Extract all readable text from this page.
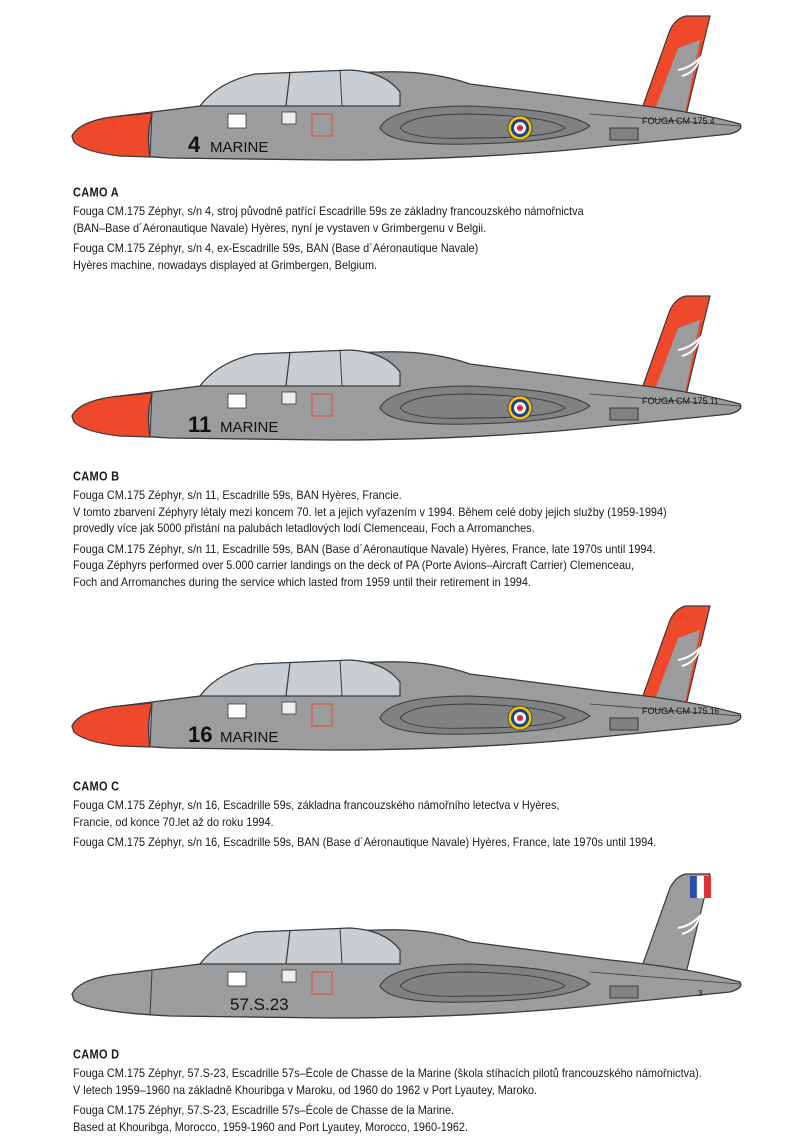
4 MARINE
FOUGA CM 175 4
CAMO A

Fouga CM.175 Zéphyr, s/n 4, stroj původně patřící Escadrille 59s ze základny francouzského námořnictva
(BAN–Base d´Aéronautique Navale) Hyères, nyní je vystaven v Grimbergenu v Belgii.

Fouga CM.175 Zéphyr, s/n 4, ex-Escadrille 59s, BAN (Base d´Aéronautique Navale)
Hyères machine, nowadays displayed at Grimbergen, Belgium.

11 MARINE
FOUGA CM 175 11
CAMO B

Fouga CM.175 Zéphyr, s/n 11, Escadrille 59s, BAN Hyères, Francie.
V tomto zbarvení Zéphyry létaly mezi koncem 70. let a jejich vyřazením v 1994. Během celé doby jejich služby (1959-1994)
provedly více jak 5000 přistání na palubách letadlových lodí Clemenceau, Foch a Arromanches.

Fouga CM.175 Zéphyr, s/n 11, Escadrille 59s, BAN (Base d´Aéronautique Navale) Hyères, France, late 1970s until 1994.
Fouga Zéphyrs performed over 5.000 carrier landings on the deck of PA (Porte Avions–Aircraft Carrier) Clemenceau,
Foch and Arromanches during the service which lasted from 1959 until their retirement in 1994.

16 MARINE
FOUGA CM 175 16
CAMO C

Fouga CM.175 Zéphyr, s/n 16, Escadrille 59s, základna francouzského námořního letectva v Hyères,
Francie, od konce 70.let až do roku 1994.

Fouga CM.175 Zéphyr, s/n 16, Escadrille 59s, BAN (Base d´Aéronautique Navale) Hyères, France, late 1970s until 1994.

57.S.23
3
CAMO D

Fouga CM.175 Zéphyr, 57.S-23, Escadrille 57s–École de Chasse de la Marine (škola stíhacích pilotů francouzského námořnictva).
V letech 1959–1960 na základně Khouribga v Maroku, od 1960 do 1962 v Port Lyautey, Maroko.

Fouga CM.175 Zéphyr, 57.S-23, Escadrille 57s–École de Chasse de la Marine.
Based at Khouribga, Morocco, 1959-1960 and Port Lyautey, Morocco, 1960-1962.
